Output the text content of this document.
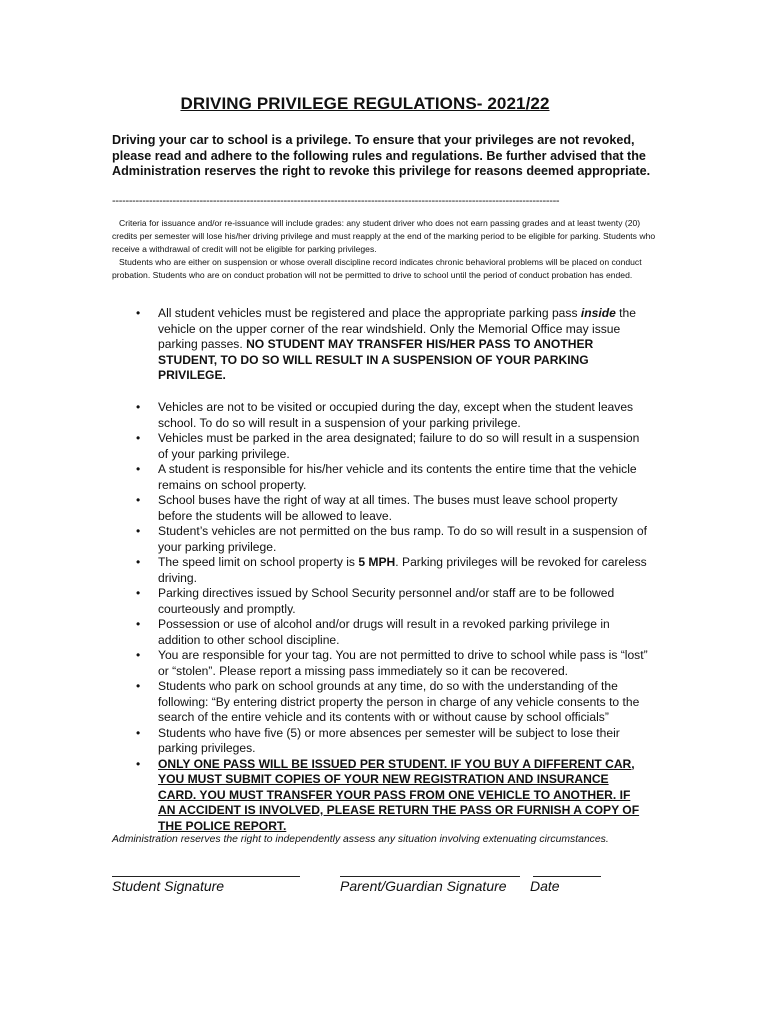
DRIVING PRIVILEGE REGULATIONS- 2021/22
Driving your car to school is a privilege. To ensure that your privileges are not revoked, please read and adhere to the following rules and regulations. Be further advised that the Administration reserves the right to revoke this privilege for reasons deemed appropriate.
-------------------------------------------------------------------------------------------------------------------------------------

Criteria for issuance and/or re-issuance will include grades: any student driver who does not earn passing grades and at least twenty (20) credits per semester will lose his/her driving privilege and must reapply at the end of the marking period to be eligible for parking. Students who receive a withdrawal of credit will not be eligible for parking privileges.

Students who are either on suspension or whose overall discipline record indicates chronic behavioral problems will be placed on conduct probation. Students who are on conduct probation will not be permitted to drive to school until the period of conduct probation has ended.

• All student vehicles must be registered and place the appropriate parking pass inside the vehicle on the upper corner of the rear windshield. Only the Memorial Office may issue parking passes. NO STUDENT MAY TRANSFER HIS/HER PASS TO ANOTHER STUDENT, TO DO SO WILL RESULT IN A SUSPENSION OF YOUR PARKING PRIVILEGE.
• Vehicles are not to be visited or occupied during the day, except when the student leaves school. To do so will result in a suspension of your parking privilege.
• Vehicles must be parked in the area designated; failure to do so will result in a suspension of your parking privilege.
• A student is responsible for his/her vehicle and its contents the entire time that the vehicle remains on school property.
• School buses have the right of way at all times. The buses must leave school property before the students will be allowed to leave.
• Student’s vehicles are not permitted on the bus ramp. To do so will result in a suspension of your parking privilege.
• The speed limit on school property is 5 MPH. Parking privileges will be revoked for careless driving.
• Parking directives issued by School Security personnel and/or staff are to be followed courteously and promptly.
• Possession or use of alcohol and/or drugs will result in a revoked parking privilege in addition to other school discipline.
• You are responsible for your tag. You are not permitted to drive to school while pass is “lost” or “stolen”. Please report a missing pass immediately so it can be recovered.
• Students who park on school grounds at any time, do so with the understanding of the following: “By entering district property the person in charge of any vehicle consents to the search of the entire vehicle and its contents with or without cause by school officials”
• Students who have five (5) or more absences per semester will be subject to lose their parking privileges.
• ONLY ONE PASS WILL BE ISSUED PER STUDENT. IF YOU BUY A DIFFERENT CAR, YOU MUST SUBMIT COPIES OF YOUR NEW REGISTRATION AND INSURANCE CARD. YOU MUST TRANSFER YOUR PASS FROM ONE VEHICLE TO ANOTHER. IF AN ACCIDENT IS INVOLVED, PLEASE RETURN THE PASS OR FURNISH A COPY OF THE POLICE REPORT.
Administration reserves the right to independently assess any situation involving extenuating circumstances.
Student Signature	Parent/Guardian Signature Date
